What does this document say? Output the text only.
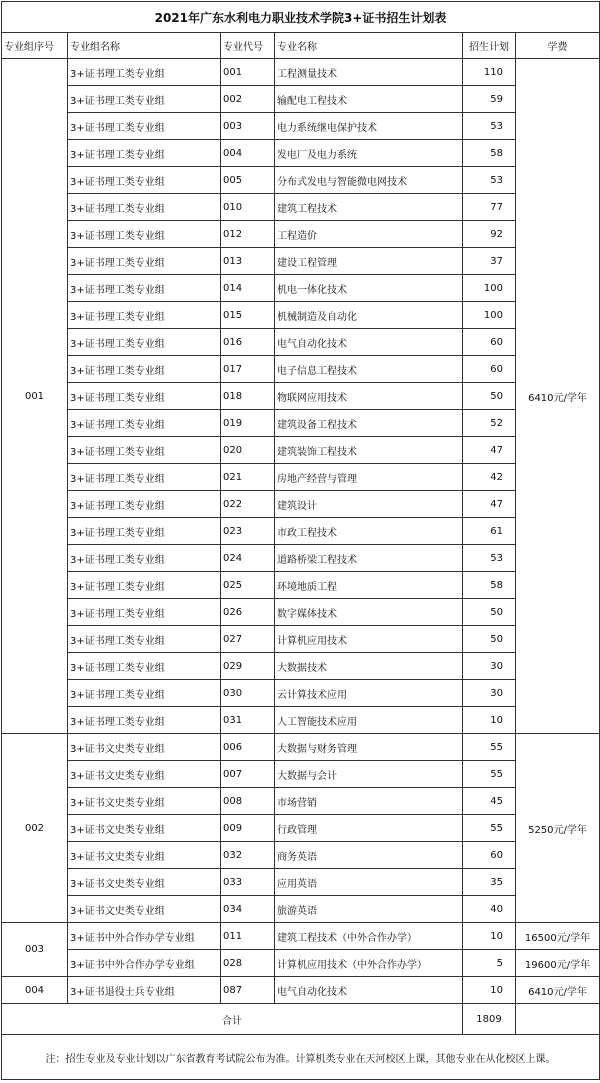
2021年广东水利电力职业技术学院3+证书招生计划表					
专业组序号	专业组名称	专业代号	专业名称	招生计划	学费
001	3+证书理工类专业组	001	工程测量技术	110	6410元/学年
	3+证书理工类专业组	002	输配电工程技术	59	
	3+证书理工类专业组	003	电力系统继电保护技术	53	
	3+证书理工类专业组	004	发电厂及电力系统	58	
	3+证书理工类专业组	005	分布式发电与智能微电网技术	53	
	3+证书理工类专业组	010	建筑工程技术	77	
	3+证书理工类专业组	012	工程造价	92	
	3+证书理工类专业组	013	建设工程管理	37	
	3+证书理工类专业组	014	机电一体化技术	100	
	3+证书理工类专业组	015	机械制造及自动化	100	
	3+证书理工类专业组	016	电气自动化技术	60	
	3+证书理工类专业组	017	电子信息工程技术	60	
	3+证书理工类专业组	018	物联网应用技术	50	
	3+证书理工类专业组	019	建筑设备工程技术	52	
	3+证书理工类专业组	020	建筑装饰工程技术	47	
	3+证书理工类专业组	021	房地产经营与管理	42	
	3+证书理工类专业组	022	建筑设计	47	
	3+证书理工类专业组	023	市政工程技术	61	
	3+证书理工类专业组	024	道路桥梁工程技术	53	
	3+证书理工类专业组	025	环境地质工程	58	
	3+证书理工类专业组	026	数字媒体技术	50	
	3+证书理工类专业组	027	计算机应用技术	50	
	3+证书理工类专业组	029	大数据技术	30	
	3+证书理工类专业组	030	云计算技术应用	30	
	3+证书理工类专业组	031	人工智能技术应用	10	
002	3+证书文史类专业组	006	大数据与财务管理	55	5250元/学年
	3+证书文史类专业组	007	大数据与会计	55	
	3+证书文史类专业组	008	市场营销	45	
	3+证书文史类专业组	009	行政管理	55	
	3+证书文史类专业组	032	商务英语	60	
	3+证书文史类专业组	033	应用英语	35	
	3+证书文史类专业组	034	旅游英语	40	
003	3+证书中外合作办学专业组	011	建筑工程技术（中外合作办学）	10	16500元/学年
	3+证书中外合作办学专业组	028	计算机应用技术（中外合作办学）	5	19600元/学年
004	3+证书退役士兵专业组	087	电气自动化技术	10	6410元/学年
合计				1809	
注：招生专业及专业计划以广东省教育考试院公布为准。计算机类专业在天河校区上课，其他专业在从化校区上课。					
